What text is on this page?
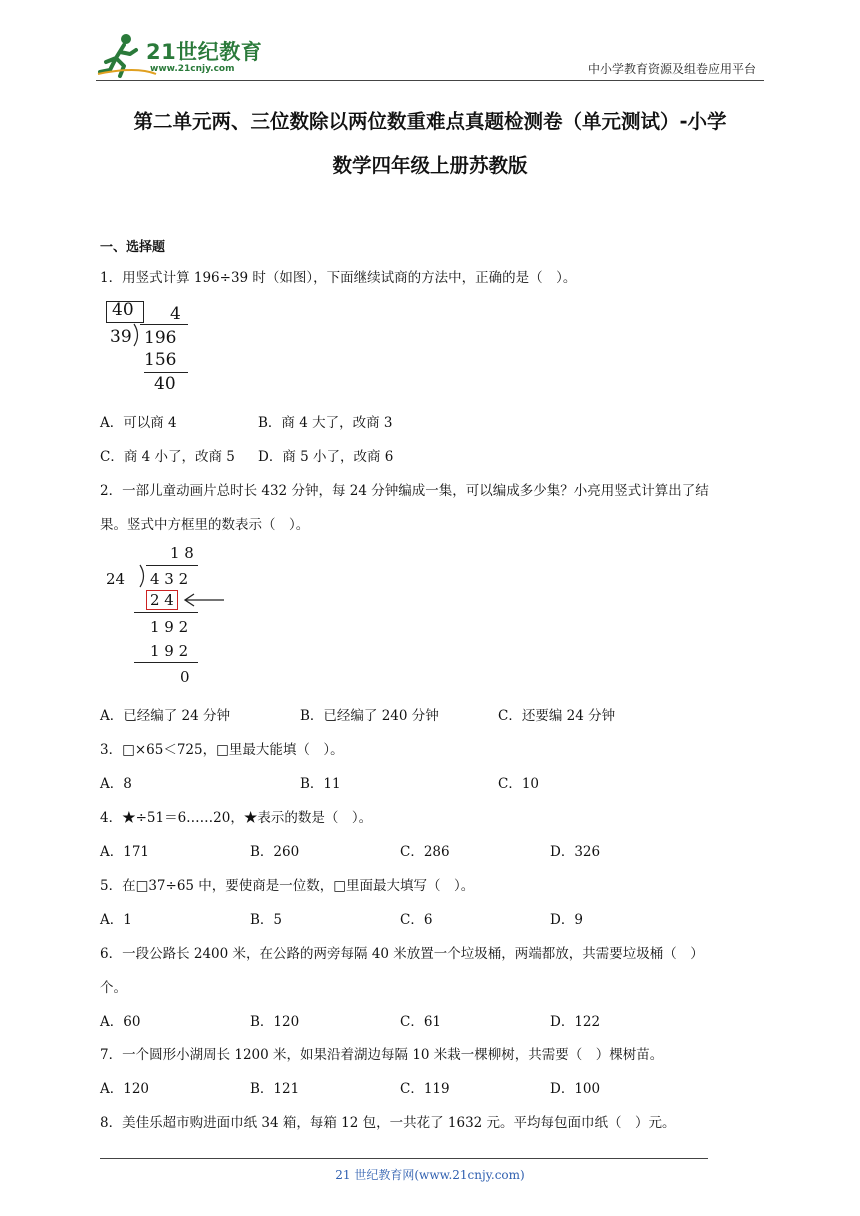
21世纪教育
www.21cnjy.com	中小学教育资源及组卷应用平台
第二单元两、三位数除以两位数重难点真题检测卷（单元测试）-小学
数学四年级上册苏教版
一、选择题
1．用竖式计算 196÷39 时（如图），下面继续试商的方法中，正确的是（　）。
40 4
39 196
156
40
A．可以商 4	B．商 4 大了，改商 3
C．商 4 小了，改商 5 D．商 5 小了，改商 6
2．一部儿童动画片总时长 432 分钟，每 24 分钟编成一集，可以编成多少集？小亮用竖式计算出了结
果。竖式中方框里的数表示（　）。
1 8
24 4 3 2
2 4
1 9 2
1 9 2
0
A．已经编了 24 分钟	B．已经编了 240 分钟	C．还要编 24 分钟
3．□×65＜725，□里最大能填（　）。
A．8	B．11	C．10
4．★÷51＝6……20，★表示的数是（　）。
A．171	B．260	C．286	D．326
5．在□37÷65 中，要使商是一位数，□里面最大填写（　）。
A．1	B．5	C．6	D．9
6．一段公路长 2400 米，在公路的两旁每隔 40 米放置一个垃圾桶，两端都放，共需要垃圾桶（　）
个。
A．60	B．120	C．61	D．122
7．一个圆形小湖周长 1200 米，如果沿着湖边每隔 10 米栽一棵柳树，共需要（　）棵树苗。
A．120	B．121	C．119	D．100
8．美佳乐超市购进面巾纸 34 箱，每箱 12 包，一共花了 1632 元。平均每包面巾纸（　）元。
21 世纪教育网(www.21cnjy.com)
